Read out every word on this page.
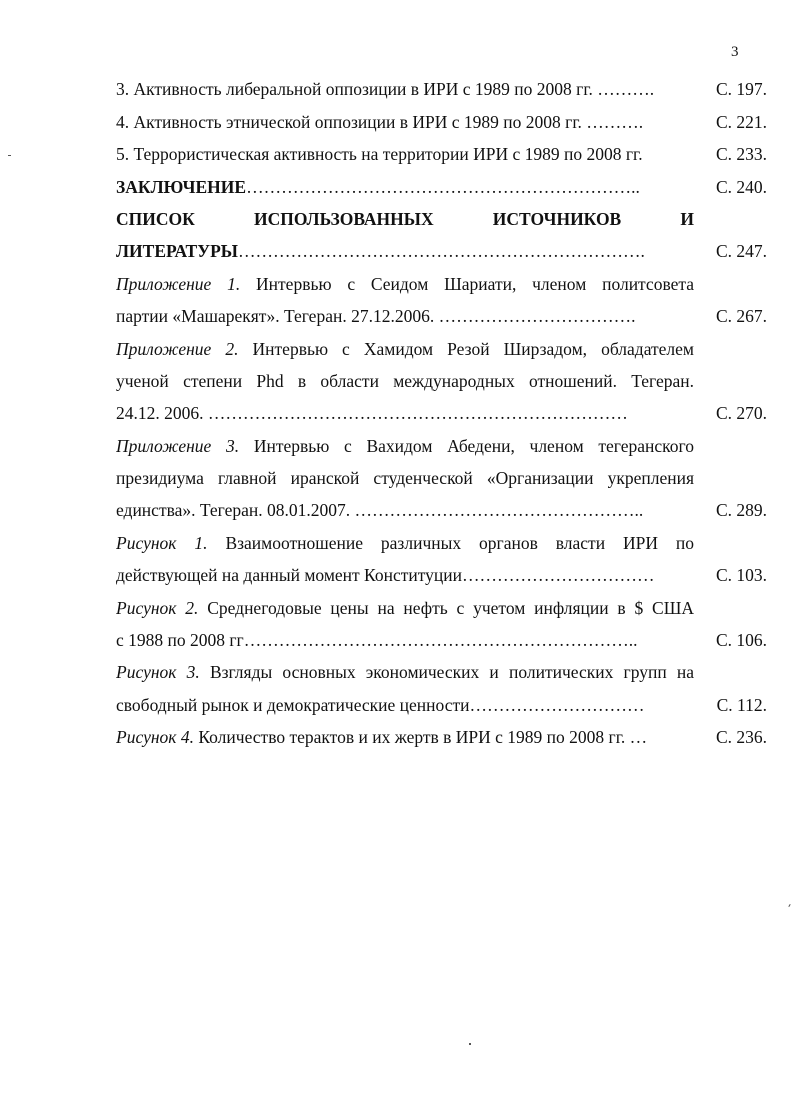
3
3. Активность либеральной оппозиции в ИРИ с 1989 по 2008 гг. ……….	С. 197.
4. Активность этнической оппозиции в ИРИ с 1989 по 2008 гг. ……….	С. 221.
5. Террористическая активность на территории ИРИ с 1989 по 2008 гг.	С. 233.
ЗАКЛЮЧЕНИЕ…………………………………………………………..	С. 240.
СПИСОК ИСПОЛЬЗОВАННЫХ ИСТОЧНИКОВ И
ЛИТЕРАТУРЫ…………………………………………………………….	С. 247.
Приложение 1. Интервью с Сеидом Шариати, членом политсовета
партии «Машарекят». Тегеран. 27.12.2006. …………………………….	С. 267.
Приложение 2. Интервью с Хамидом Резой Ширзадом, обладателем
ученой степени Phd в области международных отношений. Тегеран.
24.12. 2006. ………………………………………………………………	С. 270.
Приложение 3. Интервью с Вахидом Абедени, членом тегеранского
президиума главной иранской студенческой «Организации укрепления
единства». Тегеран. 08.01.2007. …………………………………………..	С. 289.
Рисунок 1. Взаимоотношение различных органов власти ИРИ по
действующей на данный момент Конституции……………………………	С. 103.
Рисунок 2. Среднегодовые цены на нефть с учетом инфляции в $ США
с 1988 по 2008 гг…………………………………………………………..	С. 106.
Рисунок 3. Взгляды основных экономических и политических групп на
свободный рынок и демократические ценности…………………………	С. 112.
Рисунок 4. Количество терактов и их жертв в ИРИ с 1989 по 2008 гг. …	С. 236.
